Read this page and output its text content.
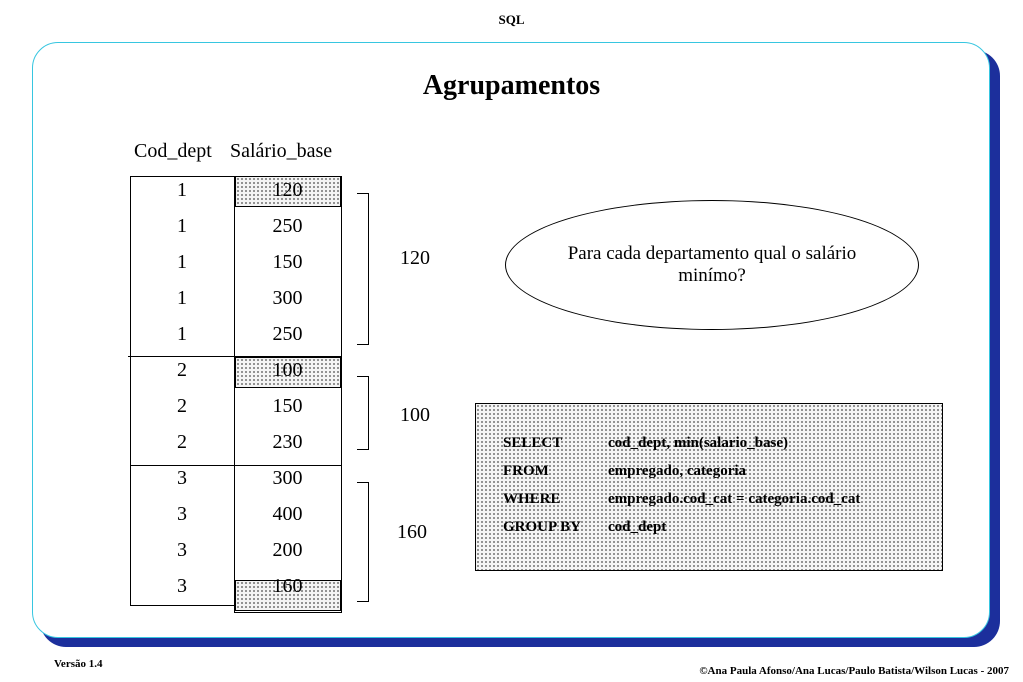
SQL
Agrupamentos
Cod_dept Salário_base
1	120
1	250
1	150
1	300
1	250
2	100
2	150
2	230
3	300
3	400
3	200
3	160
120
100
160
Para cada departamento qual o salário minímo?
SELECT	cod_dept, min(salario_base)
FROM	empregado, categoria
WHERE	empregado.cod_cat = categoria.cod_cat
GROUP BY cod_dept
Versão 1.4
©Ana Paula Afonso/Ana Lucas/Paulo Batista/Wilson Lucas - 2007
